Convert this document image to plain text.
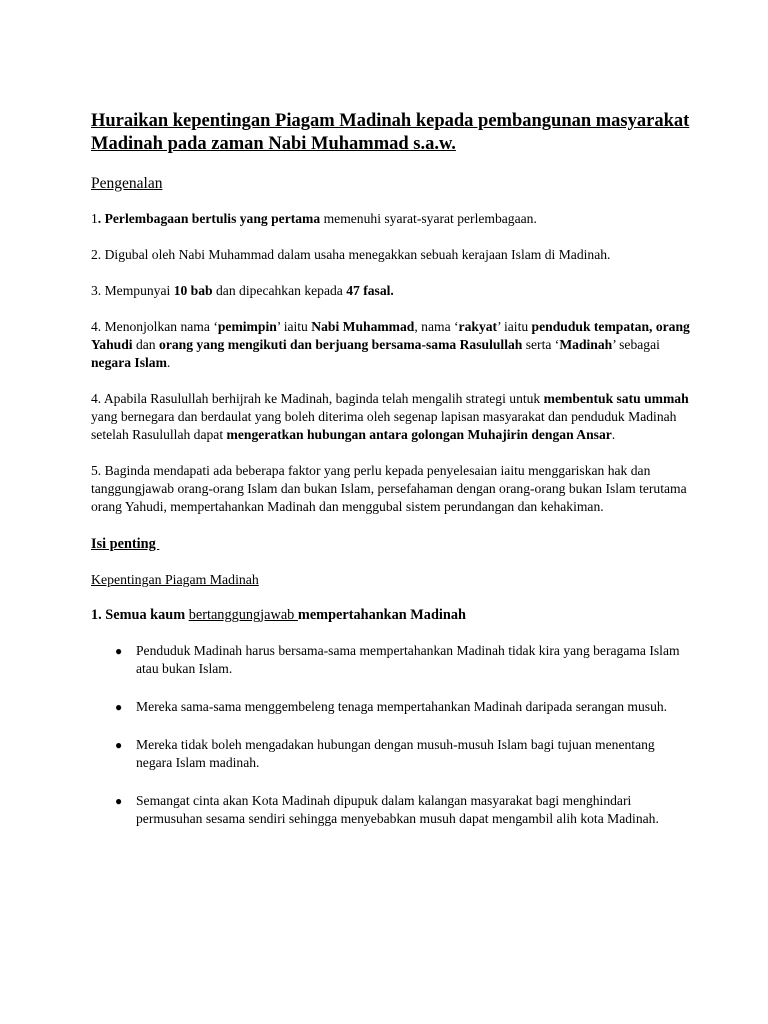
Huraikan kepentingan Piagam Madinah kepada pembangunan masyarakat Madinah pada zaman Nabi Muhammad s.a.w.
Pengenalan
1. Perlembagaan bertulis yang pertama memenuhi syarat-syarat perlembagaan.
2. Digubal oleh Nabi Muhammad dalam usaha menegakkan sebuah kerajaan Islam di Madinah.
3. Mempunyai 10 bab dan dipecahkan kepada 47 fasal.
4. Menonjolkan nama ‘pemimpin’ iaitu Nabi Muhammad, nama ‘rakyat’ iaitu penduduk tempatan, orang Yahudi dan orang yang mengikuti dan berjuang bersama-sama Rasulullah serta ‘Madinah’ sebagai negara Islam.
4. Apabila Rasulullah berhijrah ke Madinah, baginda telah mengalih strategi untuk membentuk satu ummah yang bernegara dan berdaulat yang boleh diterima oleh segenap lapisan masyarakat dan penduduk Madinah setelah Rasulullah dapat mengeratkan hubungan antara golongan Muhajirin dengan Ansar.
5. Baginda mendapati ada beberapa faktor yang perlu kepada penyelesaian iaitu menggariskan hak dan tanggungjawab orang-orang Islam dan bukan Islam, persefahaman dengan orang-orang bukan Islam terutama orang Yahudi, mempertahankan Madinah dan menggubal sistem perundangan dan kehakiman.
Isi penting
Kepentingan Piagam Madinah
1. Semua kaum bertanggungjawab mempertahankan Madinah
● Penduduk Madinah harus bersama-sama mempertahankan Madinah tidak kira yang beragama Islam atau bukan Islam.
● Mereka sama-sama menggembeleng tenaga mempertahankan Madinah daripada serangan musuh.
● Mereka tidak boleh mengadakan hubungan dengan musuh-musuh Islam bagi tujuan menentang negara Islam madinah.
● Semangat cinta akan Kota Madinah dipupuk dalam kalangan masyarakat bagi menghindari permusuhan sesama sendiri sehingga menyebabkan musuh dapat mengambil alih kota Madinah.
